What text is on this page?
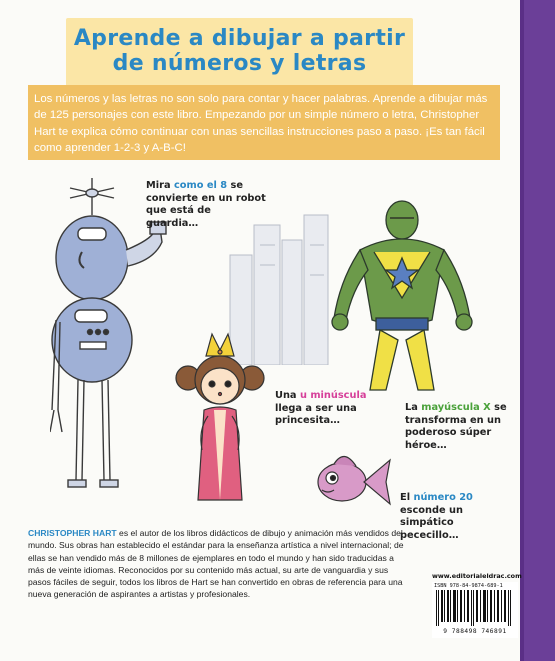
Aprende a dibujar a partir
de números y letras
Los números y las letras no son solo para contar y hacer palabras. Aprende a dibujar más de 125 personajes con este libro. Empezando por un simple número o letra, Christopher Hart te explica cómo continuar con unas sencillas instrucciones paso a paso. ¡Es tan fácil como aprender 1-2-3 y A-B-C!
Mira como el 8 se convierte en un robot que está de guardia…
Una u minúscula llega a ser una princesita…
La mayúscula X se transforma en un poderoso súper héroe…
El número 20 esconde un simpático pececillo…
CHRISTOPHER HART es el autor de los libros didácticos de dibujo y animación más vendidos del mundo. Sus obras han establecido el estándar para la enseñanza artística a nivel internacional; de ellas se han vendido más de 8 millones de ejemplares en todo el mundo y han sido traducidas a más de veinte idiomas. Reconocidos por su contenido más actual, su arte de vanguardia y sus pasos fáciles de seguir, todos los libros de Hart se han convertido en obras de referencia para una nueva generación de aspirantes a artistas y profesionales.
www.editorialeldrac.com
ISBN 978-84-9874-689-1
9 788498 746891
